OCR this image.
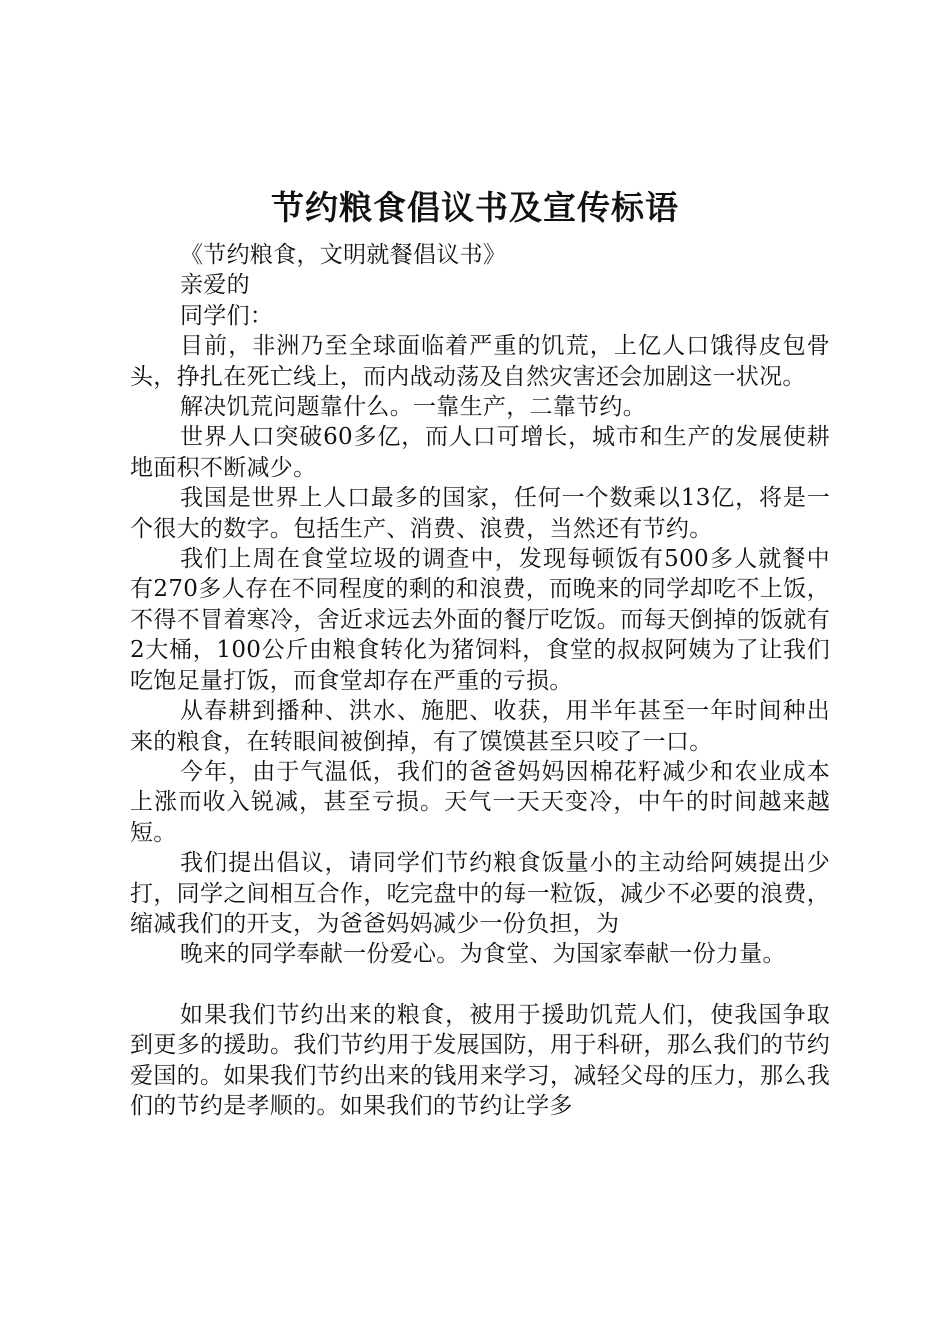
节约粮食倡议书及宣传标语

《节约粮食，文明就餐倡议书》

亲爱的

同学们：

目前，非洲乃至全球面临着严重的饥荒，上亿人口饿得皮包骨头，挣扎在死亡线上，而内战动荡及自然灾害还会加剧这一状况。

解决饥荒问题靠什么。一靠生产，二靠节约。

世界人口突破60多亿，而人口可增长，城市和生产的发展使耕地面积不断减少。

我国是世界上人口最多的国家，任何一个数乘以13亿，将是一个很大的数字。包括生产、消费、浪费，当然还有节约。

我们上周在食堂垃圾的调查中，发现每顿饭有500多人就餐中有270多人存在不同程度的剩的和浪费，而晚来的同学却吃不上饭，不得不冒着寒冷，舍近求远去外面的餐厅吃饭。而每天倒掉的饭就有2大桶，100公斤由粮食转化为猪饲料，食堂的叔叔阿姨为了让我们吃饱足量打饭，而食堂却存在严重的亏损。

从春耕到播种、洪水、施肥、收获，用半年甚至一年时间种出来的粮食，在转眼间被倒掉，有了馍馍甚至只咬了一口。

今年，由于气温低，我们的爸爸妈妈因棉花籽减少和农业成本上涨而收入锐减，甚至亏损。天气一天天变冷，中午的时间越来越短。

我们提出倡议，请同学们节约粮食饭量小的主动给阿姨提出少打，同学之间相互合作，吃完盘中的每一粒饭，减少不必要的浪费，缩减我们的开支，为爸爸妈妈减少一份负担，为

晚来的同学奉献一份爱心。为食堂、为国家奉献一份力量。

如果我们节约出来的粮食，被用于援助饥荒人们，使我国争取到更多的援助。我们节约用于发展国防，用于科研，那么我们的节约爱国的。如果我们节约出来的钱用来学习，减轻父母的压力，那么我们的节约是孝顺的。如果我们的节约让学多
